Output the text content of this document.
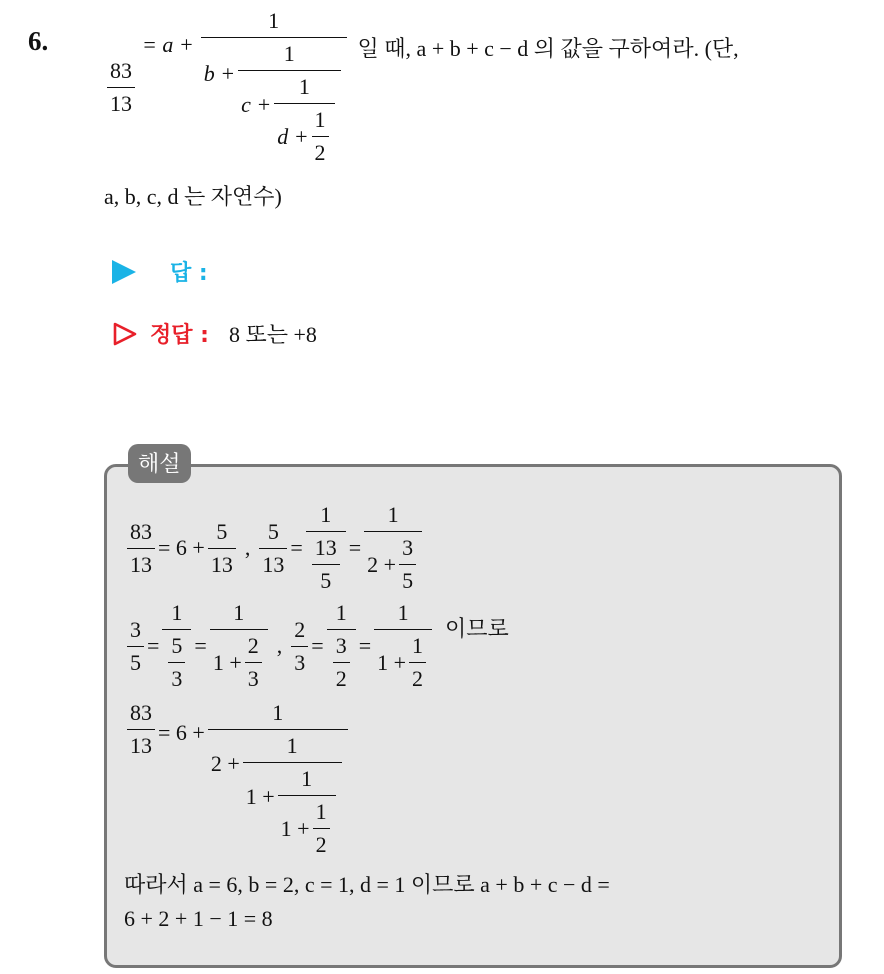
6.
$\frac{83}{13}$
= a +
1
b +
1
$c + \frac{1}{d + \frac{1}{2}}$
일 때, a + b + c − d 의 값을 구하여라. (단,
a, b, c, d 는 자연수)
답 :
정답 : 8 또는 +8
해설
$\frac{83}{13} = 6 + \frac{5}{13}$ , $\frac{5}{13} = \frac{1}{\frac{13}{5}} = \frac{1}{2 + \frac{3}{5}}$
$\frac{3}{5} = \frac{1}{\frac{5}{3}} = \frac{1}{1 + \frac{2}{3}}$ , $\frac{2}{3} = \frac{1}{\frac{3}{2}} = \frac{1}{1 + \frac{1}{2}}$ 이므로
$\frac{83}{13} = 6$ +
1
2 +
1
$1 + \frac{1}{1 + \frac{1}{2}}$
따라서 a = 6, b = 2, c = 1, d = 1 이므로 a + b + c − d =
6 + 2 + 1 − 1 = 8
